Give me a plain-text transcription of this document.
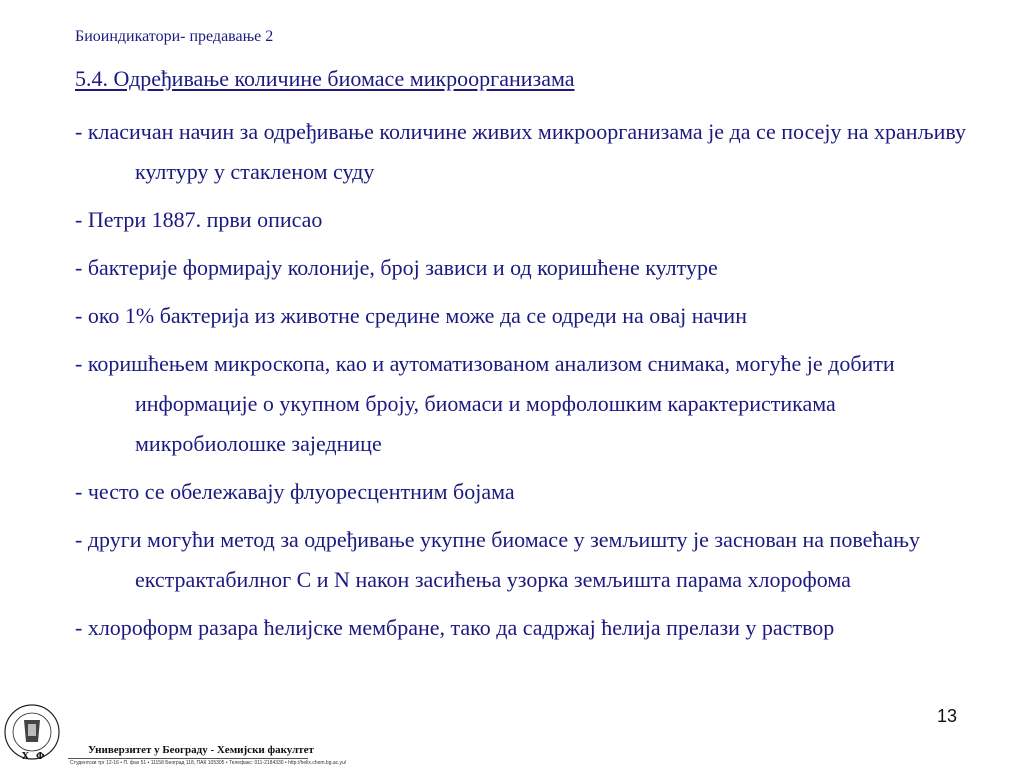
Биоиндикатори- предавање 2
5.4. Одређивање количине биомасе микроорганизама
- класичан начин за одређивање количине живих микроорганизама је да се посеју на хранљиву културу у стакленом суду
- Петри 1887. први описао
- бактерије формирају колоније, број зависи и од коришћене културе
- око 1% бактерија из животне средине може да се одреди на овај начин
- коришћењем микроскопа, као и аутоматизованом анализом снимака, могуће је добити информације о укупном броју, биомаси и морфолошким карактеристикама микробиолошке заједнице
- често се обележавају флуоресцентним бојама
- други могући метод за одређивање укупне биомасе у земљишту је заснован на повећању екстрактабилног C и N након засићења узорка земљишта парама хлорофома
- хлороформ разара ћелијске мембране, тако да садржај ћелија прелази у раствор
13
Х Ф
Универзитет у Београду - Хемијски факултет
Студентски трг 12-16 • П. фах 51 • 11158 Београд 118, ПАК 105305 • Телефакс: 011-2184330 • http://helix.chem.bg.ac.yu/
